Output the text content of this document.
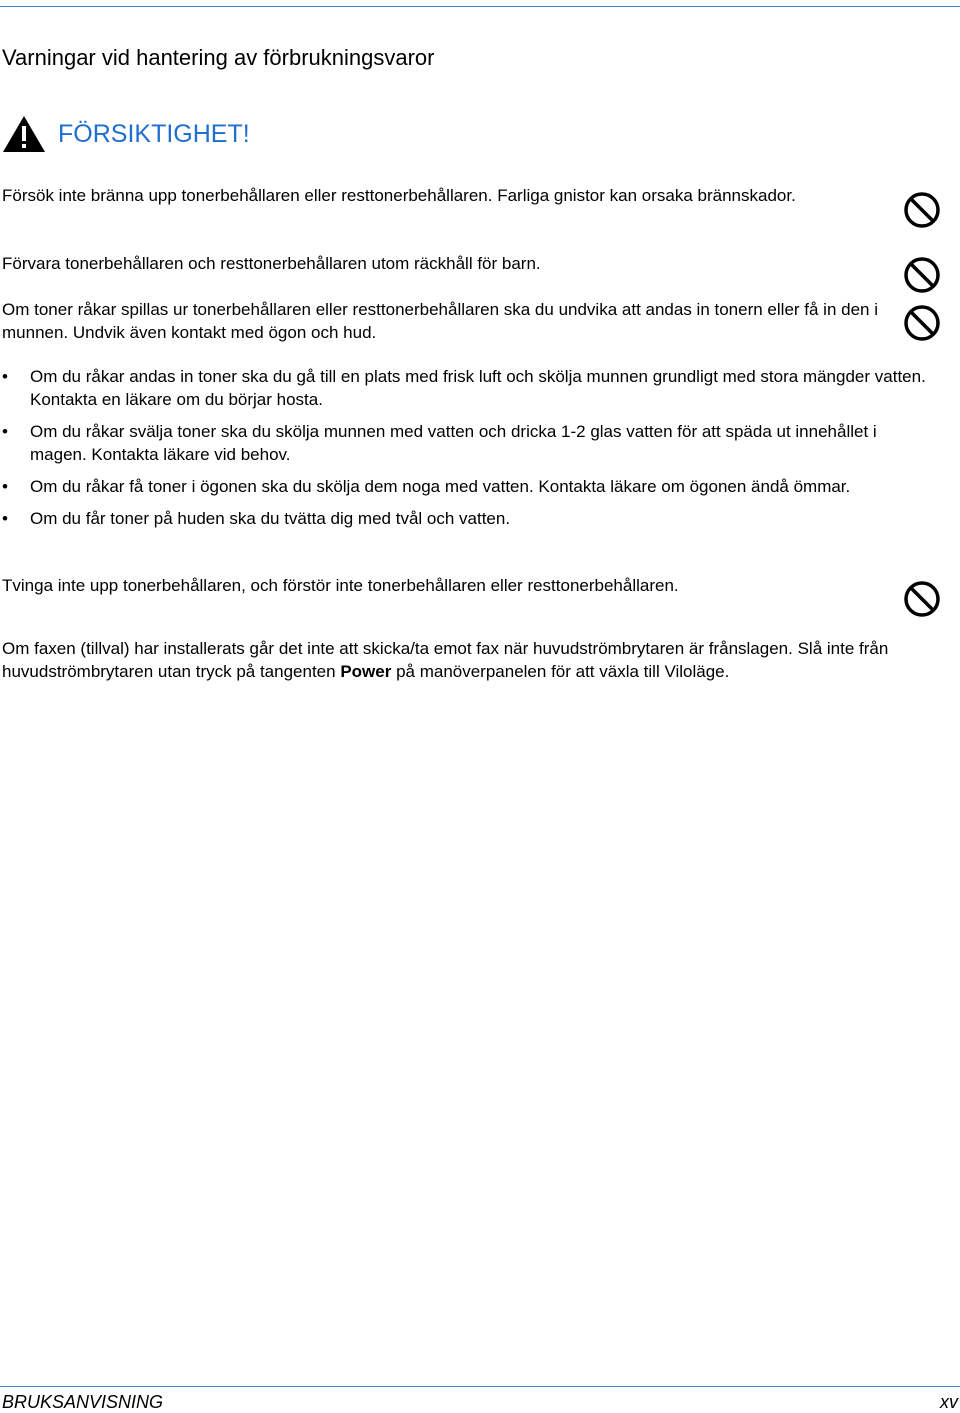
Varningar vid hantering av förbrukningsvaror
FÖRSIKTIGHET!
Försök inte bränna upp tonerbehållaren eller resttonerbehållaren. Farliga gnistor kan orsaka brännskador.
Förvara tonerbehållaren och resttonerbehållaren utom räckhåll för barn.
Om toner råkar spillas ur tonerbehållaren eller resttonerbehållaren ska du undvika att andas in tonern eller få in den i munnen. Undvik även kontakt med ögon och hud.
• Om du råkar andas in toner ska du gå till en plats med frisk luft och skölja munnen grundligt med stora mängder vatten. Kontakta en läkare om du börjar hosta.
• Om du råkar svälja toner ska du skölja munnen med vatten och dricka 1-2 glas vatten för att späda ut innehållet i magen. Kontakta läkare vid behov.
• Om du råkar få toner i ögonen ska du skölja dem noga med vatten. Kontakta läkare om ögonen ändå ömmar.
• Om du får toner på huden ska du tvätta dig med tvål och vatten.
Tvinga inte upp tonerbehållaren, och förstör inte tonerbehållaren eller resttonerbehållaren.
Om faxen (tillval) har installerats går det inte att skicka/ta emot fax när huvudströmbrytaren är frånslagen. Slå inte från huvudströmbrytaren utan tryck på tangenten Power på manöverpanelen för att växla till Viloläge.
BRUKSANVISNING	xv
